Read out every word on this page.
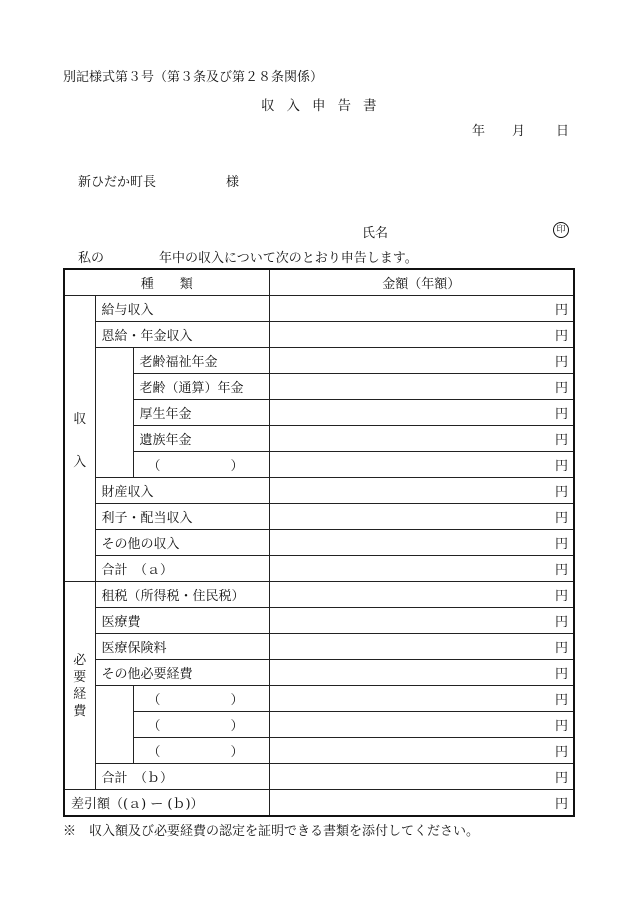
別記様式第３号（第３条及び第２８条関係）
収入申告書
年 月 日
新ひだか町長	様
氏名	印
私の	年中の収入について次のとおり申告します。
種　　類			金額（年額）

収
入	給与収入		円
	恩給・年金収入		円
		老齢福祉年金	円
		老齢（通算）年金	円
		厚生年金	円
		遺族年金	円
		（ ）	円
	財産収入		円
	利子・配当収入		円
	その他の収入		円
	合計　（ａ）		円

必
要
経
費	租税（所得税・住民税）		円
	医療費		円
	医療保険料		円
	その他必要経費		円
		（ ）	円
		（ ）	円
		（ ）	円
	合計　（ｂ）		円
差引額（(ａ) ー (ｂ)）			円
※　収入額及び必要経費の認定を証明できる書類を添付してください。
